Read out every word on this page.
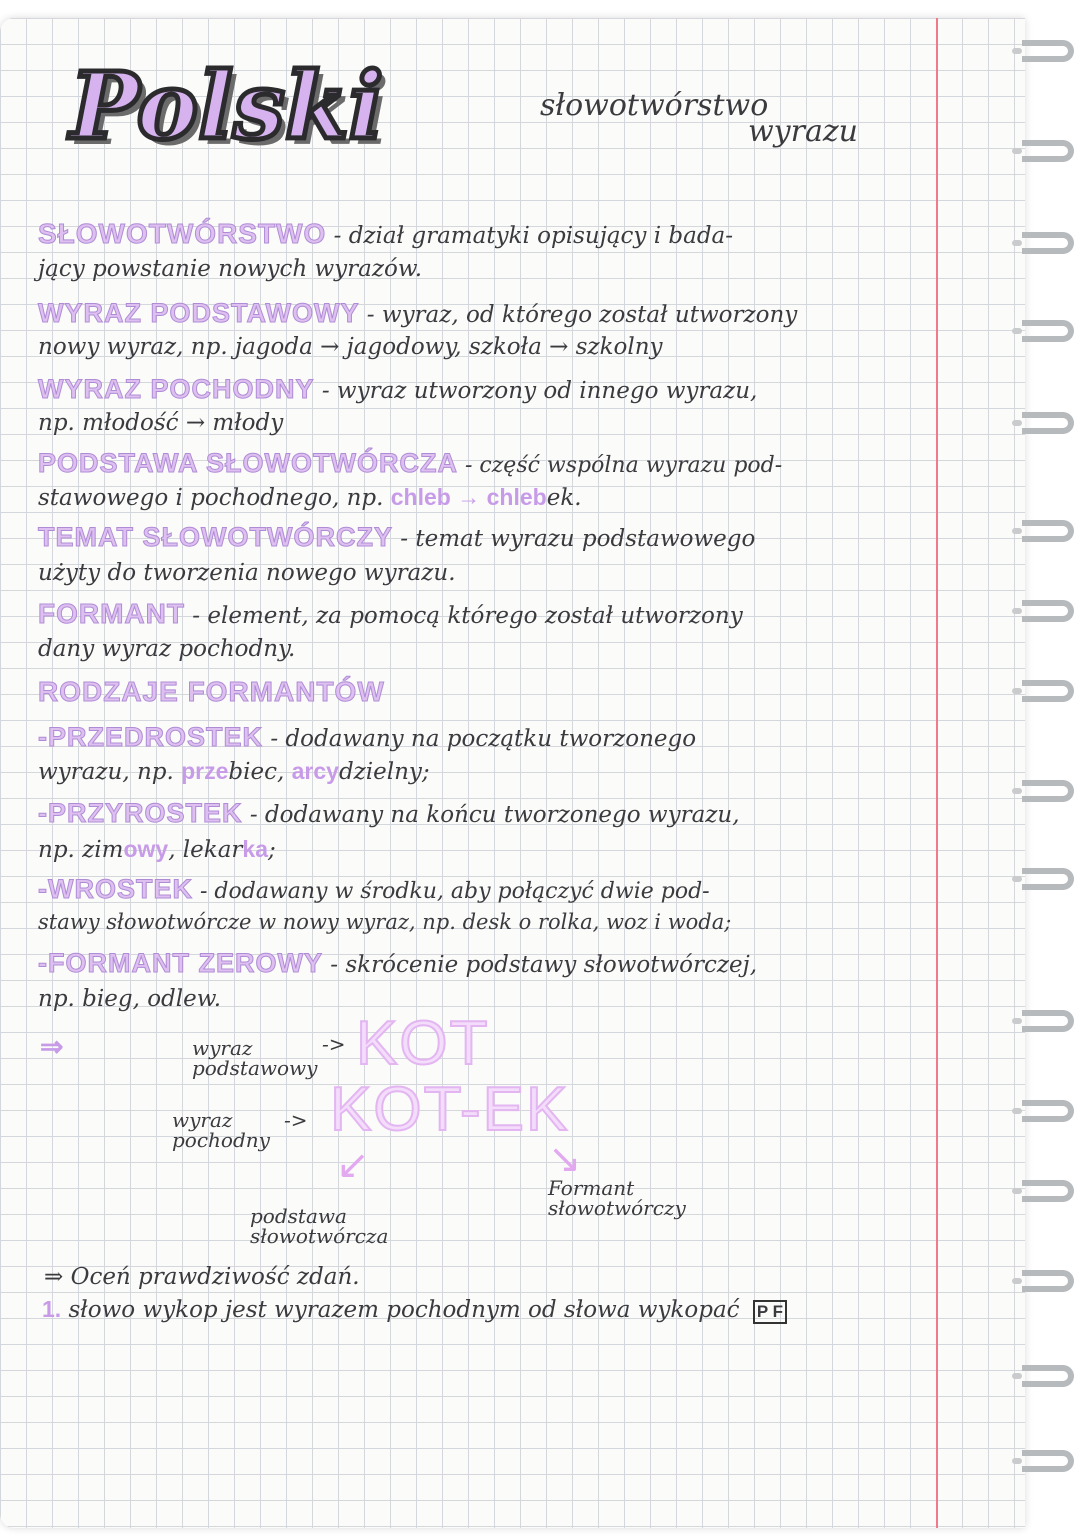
Polski	słowotwórstwo
wyrazu
SŁOWOTWÓRSTWO - dział gramatyki opisujący i bada-
jący powstanie nowych wyrazów.
WYRAZ PODSTAWOWY - wyraz, od którego został utworzony
nowy wyraz, np. jagoda → jagodowy, szkoła → szkolny
WYRAZ POCHODNY - wyraz utworzony od innego wyrazu,
np. młodość → młody
PODSTAWA SŁOWOTWÓRCZA - część wspólna wyrazu pod-
stawowego i pochodnego, np. chleb → chlebek.
TEMAT SŁOWOTWÓRCZY - temat wyrazu podstawowego
użyty do tworzenia nowego wyrazu.
FORMANT - element, za pomocą którego został utworzony
dany wyraz pochodny.
RODZAJE FORMANTÓW
-PRZEDROSTEK - dodawany na początku tworzonego
wyrazu, np. przebiec, arcydzielny;
-PRZYROSTEK - dodawany na końcu tworzonego wyrazu,
np. zimowy, lekarka;
-WROSTEK - dodawany w środku, aby połączyć dwie pod-
stawy słowotwórcze w nowy wyraz, np. desk o rolka, woz i woda;
-FORMANT ZEROWY - skrócenie podstawy słowotwórczej,
np. bieg, odlew.
⇒	wyraz
podstawowy
-> KOT
wyraz
pochodny
-> KOT-EK
↙	↘
podstawa
słowotwórcza
Formant
słowotwórczy
⇒ Oceń prawdziwość zdań.
1. słowo wykop jest wyrazem pochodnym od słowa wykopać P F
